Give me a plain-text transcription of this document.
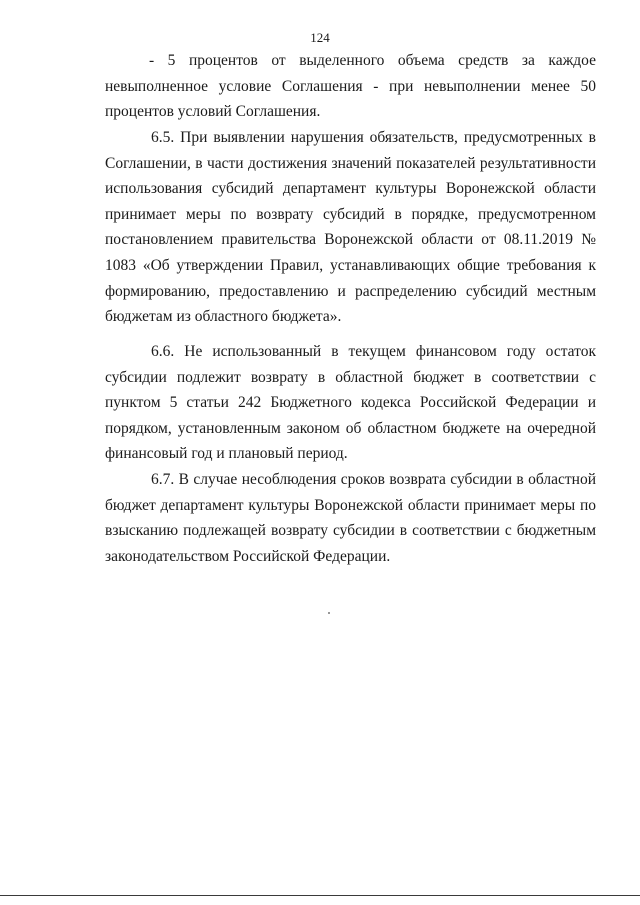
124

- 5 процентов от выделенного объема средств за каждое невыполненное условие Соглашения - при невыполнении менее 50 процентов условий Соглашения.

6.5. При выявлении нарушения обязательств, предусмотренных в Соглашении, в части достижения значений показателей результативности использования субсидий департамент культуры Воронежской области принимает меры по возврату субсидий в порядке, предусмотренном постановлением правительства Воронежской области от 08.11.2019 № 1083 «Об утверждении Правил, устанавливающих общие требования к формированию, предоставлению и распределению субсидий местным бюджетам из областного бюджета».

6.6. Не использованный в текущем финансовом году остаток субсидии подлежит возврату в областной бюджет в соответствии с пунктом 5 статьи 242 Бюджетного кодекса Российской Федерации и порядком, установленным законом об областном бюджете на очередной финансовый год и плановый период.

6.7. В случае несоблюдения сроков возврата субсидии в областной бюджет департамент культуры Воронежской области принимает меры по взысканию подлежащей возврату субсидии в соответствии с бюджетным законодательством Российской Федерации.
